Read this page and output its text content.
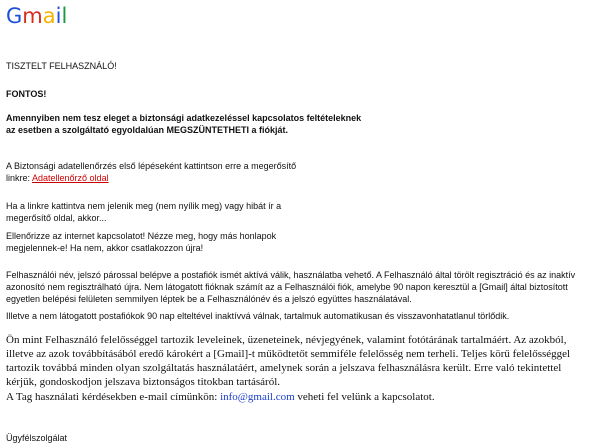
Gmail

TISZTELT FELHASZNÁLÓ!

FONTOS!

Amennyiben nem tesz eleget a biztonsági adatkezeléssel kapcsolatos feltételeknek

az esetben a szolgáltató egyoldalúan MEGSZÜNTETHETI a fiókját.

A Biztonsági adatellenőrzés első lépéseként kattintson erre a megerősítő

linkre: Adatellenőrző oldal

Ha a linkre kattintva nem jelenik meg (nem nyílik meg) vagy hibát ír a

megerősítő oldal, akkor...

Ellenőrizze az internet kapcsolatot! Nézze meg, hogy más honlapok

megjelennek-e! Ha nem, akkor csatlakozzon újra!

Felhasználói név, jelszó párossal belépve a postafiók ismét aktívá válik, használatba vehető. A Felhasználó által törölt regisztráció és az inaktív azonosító nem regisztrálható újra. Nem látogatott fióknak számít az a Felhasználói fiók, amelybe 90 napon keresztül a [Gmail] által biztosított egyetlen belépési felületen semmilyen léptek be a Felhasználónév és a jelszó együttes használatával.

Illetve a nem látogatott postafiókok 90 nap elteltével inaktívvá válnak, tartalmuk automatikusan és visszavonhatatlanul törlődik.

Ön mint Felhasználó felelősséggel tartozik leveleinek, üzeneteinek, névjegyének, valamint fotótárának tartalmáért. Az azokból, illetve az azok továbbításából eredő károkért a [Gmail]-t működtetőt semmiféle felelősség nem terheli. Teljes körű felelősséggel tartozik továbbá minden olyan szolgáltatás használatáért, amelynek során a jelszava felhasználásra került. Erre való tekintettel kérjük, gondoskodjon jelszava biztonságos titokban tartásáról.

A Tag használati kérdésekben e-mail címünkön: info@gmail.com veheti fel velünk a kapcsolatot.

Ügyfélszolgálat
